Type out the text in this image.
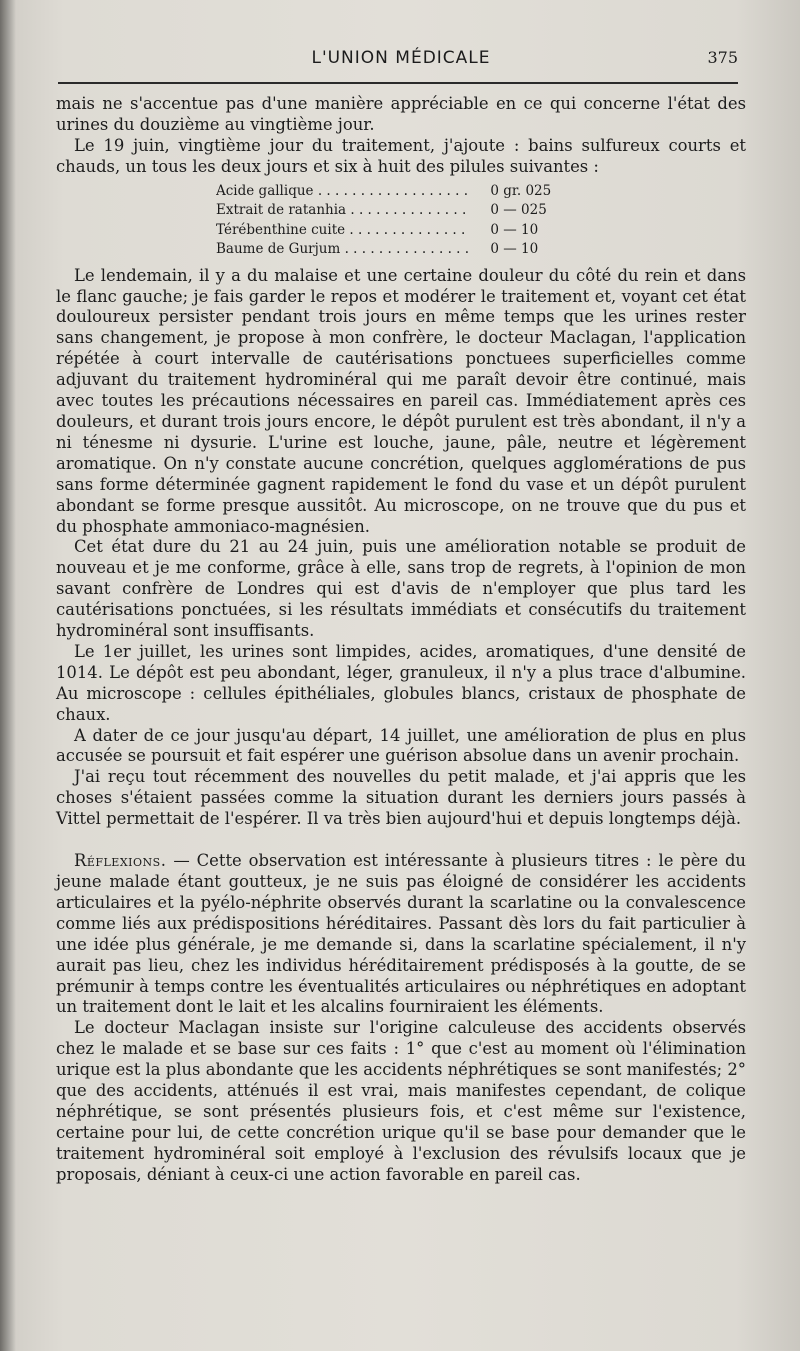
L'UNION MÉDICALE	375

mais ne s'accentue pas d'une manière appréciable en ce qui concerne l'état des urines du douzième au vingtième jour.

Le 19 juin, vingtième jour du traitement, j'ajoute : bains sulfureux courts et chauds, un tous les deux jours et six à huit des pilules suivantes :

Acide gallique . . .	0 gr. 025
Extrait de ratanhia . . .	0 — 025
Térébenthine cuite . . .	0 — 10
Baume de Gurjum . . .	0 — 10

Le lendemain, il y a du malaise et une certaine douleur du côté du rein et dans le flanc gauche; je fais garder le repos et modérer le traitement et, voyant cet état douloureux persister pendant trois jours en même temps que les urines rester sans changement, je propose à mon confrère, le docteur Maclagan, l'application répétée à court intervalle de cautérisations ponctuees superficielles comme adjuvant du traitement hydrominéral qui me paraît devoir être continué, mais avec toutes les précautions nécessaires en pareil cas. Immédiatement après ces douleurs, et durant trois jours encore, le dépôt purulent est très abondant, il n'y a ni ténesme ni dysurie. L'urine est louche, jaune, pâle, neutre et légèrement aromatique. On n'y constate aucune concrétion, quelques agglomérations de pus sans forme déterminée gagnent rapidement le fond du vase et un dépôt purulent abondant se forme presque aussitôt. Au microscope, on ne trouve que du pus et du phosphate ammoniaco-magnésien.

Cet état dure du 21 au 24 juin, puis une amélioration notable se produit de nouveau et je me conforme, grâce à elle, sans trop de regrets, à l'opinion de mon savant confrère de Londres qui est d'avis de n'employer que plus tard les cautérisations ponctuées, si les résultats immédiats et consécutifs du traitement hydrominéral sont insuffisants.

Le 1er juillet, les urines sont limpides, acides, aromatiques, d'une densité de 1014. Le dépôt est peu abondant, léger, granuleux, il n'y a plus trace d'albumine. Au microscope : cellules épithéliales, globules blancs, cristaux de phosphate de chaux.

A dater de ce jour jusqu'au départ, 14 juillet, une amélioration de plus en plus accusée se poursuit et fait espérer une guérison absolue dans un avenir prochain.

J'ai reçu tout récemment des nouvelles du petit malade, et j'ai appris que les choses s'étaient passées comme la situation durant les derniers jours passés à Vittel permettait de l'espérer. Il va très bien aujourd'hui et depuis longtemps déjà.

Réflexions. — Cette observation est intéressante à plusieurs titres : le père du jeune malade étant goutteux, je ne suis pas éloigné de considérer les accidents articulaires et la pyélo-néphrite observés durant la scarlatine ou la convalescence comme liés aux prédispositions héréditaires. Passant dès lors du fait particulier à une idée plus générale, je me demande si, dans la scarlatine spécialement, il n'y aurait pas lieu, chez les individus héréditairement prédisposés à la goutte, de se prémunir à temps contre les éventualités articulaires ou néphrétiques en adoptant un traitement dont le lait et les alcalins fourniraient les éléments.

Le docteur Maclagan insiste sur l'origine calculeuse des accidents observés chez le malade et se base sur ces faits : 1° que c'est au moment où l'élimination urique est la plus abondante que les accidents néphrétiques se sont manifestés; 2° que des accidents, atténués il est vrai, mais manifestes cependant, de colique néphrétique, se sont présentés plusieurs fois, et c'est même sur l'existence, certaine pour lui, de cette concrétion urique qu'il se base pour demander que le traitement hydrominéral soit employé à l'exclusion des révulsifs locaux que je proposais, déniant à ceux-ci une action favorable en pareil cas.
